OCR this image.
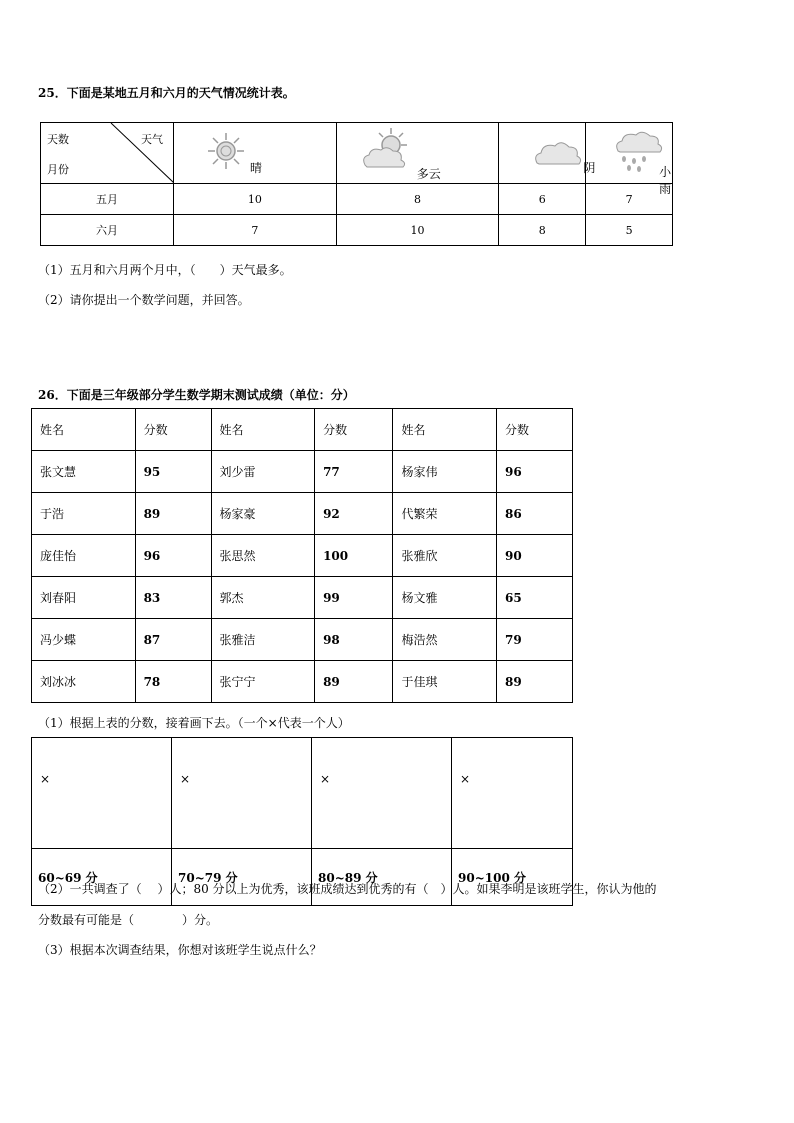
25．下面是某地五月和六月的天气情况统计表。
天数 天气
月份	晴	多云	阴	小雨

五月	10	8	6	7
六月	7	10	8	5
（1）五月和六月两个月中，（　　）天气最多。
（2）请你提出一个数学问题，并回答。
26．下面是三年级部分学生数学期末测试成绩（单位：分）
姓名	分数	姓名	分数	姓名	分数
张文慧	95	刘少雷	77	杨家伟	96
于浩	89	杨家豪	92	代繁荣	86
庞佳怡	96	张思然	100	张雅欣	90
刘春阳	83	郭杰	99	杨文雅	65
冯少蝶	87	张雅洁	98	梅浩然	79
刘冰冰	78	张宁宁	89	于佳琪	89
（1）根据上表的分数，接着画下去。（一个×代表一个人）
×	×	×	×
60~69 分	70~79 分	80~89 分	90~100 分
（2）一共调查了（　 ）人；80 分以上为优秀，该班成绩达到优秀的有（　）人。如果李明是该班学生，你认为他的
分数最有可能是（　　　　）分。
（3）根据本次调查结果，你想对该班学生说点什么？
